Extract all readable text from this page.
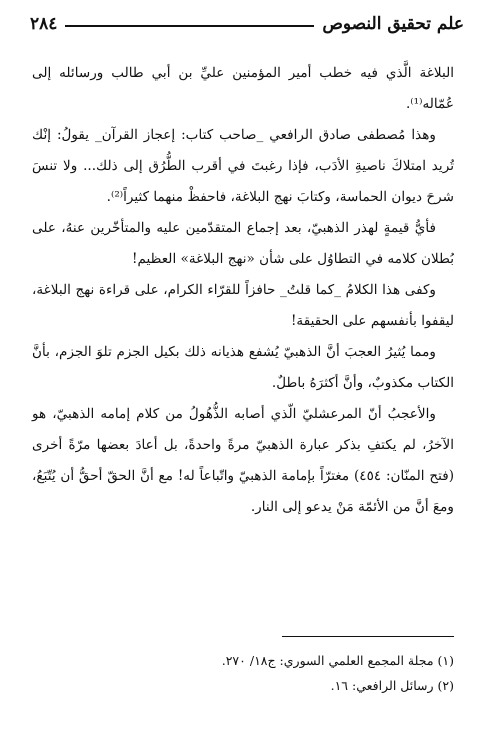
علم تحقيق النصوص
٢٨٤

البلاغة الَّذي فيه خطب أمير المؤمنين عليِّ بن أبي طالب ورسائله إلى عُمّاله⁽¹⁾.

وهذا مُصطفى صادق الرافعي _صاحب كتاب: إعجاز القرآن_ يقولُ: إنْك تُريد امتلاكَ ناصيةِ الأدَب، فإذا رغبتَ في أقرب الطُّرُق إلى ذلك... ولا تنسَ شرحَ ديوان الحماسة، وكتابَ نهج البلاغة، فاحفظْ منهما كثيراً⁽²⁾.

فأيُّ قيمةٍ لهذر الذهبيّ، بعد إجماع المتقدّمين عليه والمتأخّرين عنهُ، على بُطلان كلامه في التطاوُل على شأن «نهج البلاغة» العظيم!

وكفى هذا الكلامُ _كما قلتُ_ حافزاً للقرّاء الكرام، على قراءة نهج البلاغة، ليقفوا بأنفسهم على الحقيقة!

ومما يُثيرُ العجبَ أنَّ الذهبيّ يُشفع هذيانه ذلك بكيل الجزم تلوَ الجزم، بأنَّ الكتاب مكذوبٌ، وأنَّ أكثرَهُ باطلٌ.

والأعجبُ أنّ المرعشليّ الّذي أصابه الذُّهُولُ من كلام إمامه الذهبيّ، هو الآخرُ، لم يكتفِ بذكر عبارة الذهبيّ مرةً واحدةً، بل أعادَ بعضها مرّةً أخرى (فتح المنّان: ٤٥٤) مغترّاً بإمامة الذهبيّ واتّباعاً له! مع أنَّ الحقّ أحقُّ أن يُتّبَعُ، ومعَ أنَّ من الأئمّة مَنْ يدعو إلى النار.

(١) مجلة المجمع العلمي السوري: ج١٨/ ٢٧٠.
(٢) رسائل الرافعي: ١٦.
